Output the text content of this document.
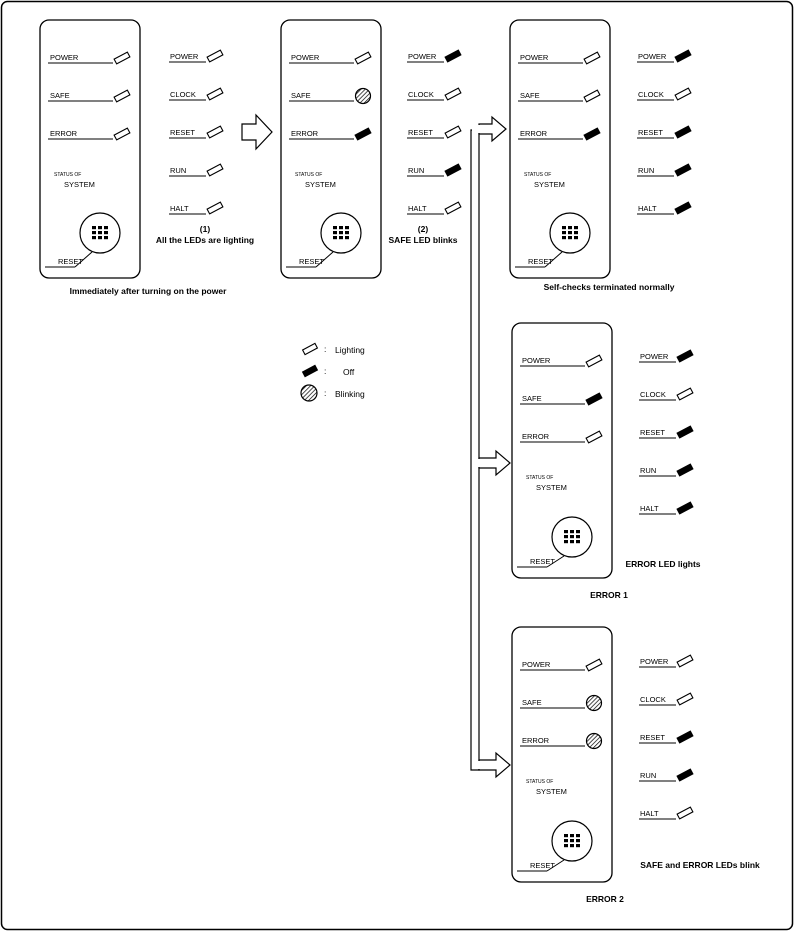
POWER
SAFE
ERROR
STATUS OF
SYSTEM
RESET
POWER
CLOCK
RESET
RUN
HALT
(1)
All the LEDs are lighting
Immediately after turning on the power
POWER
SAFE
ERROR
STATUS OF
SYSTEM
RESET
POWER
CLOCK
RESET
RUN
HALT
(2)
SAFE LED blinks
POWER
SAFE
ERROR
STATUS OF
SYSTEM
RESET
POWER
CLOCK
RESET
RUN
HALT
Self-checks terminated normally
POWER
SAFE
ERROR
STATUS OF
SYSTEM
RESET
POWER
CLOCK
RESET
RUN
HALT
ERROR LED lights
ERROR 1
POWER
SAFE
ERROR
STATUS OF
SYSTEM
RESET
POWER
CLOCK
RESET
RUN
HALT
SAFE and ERROR LEDs blink
ERROR 2
: Lighting
: Off
: Blinking
